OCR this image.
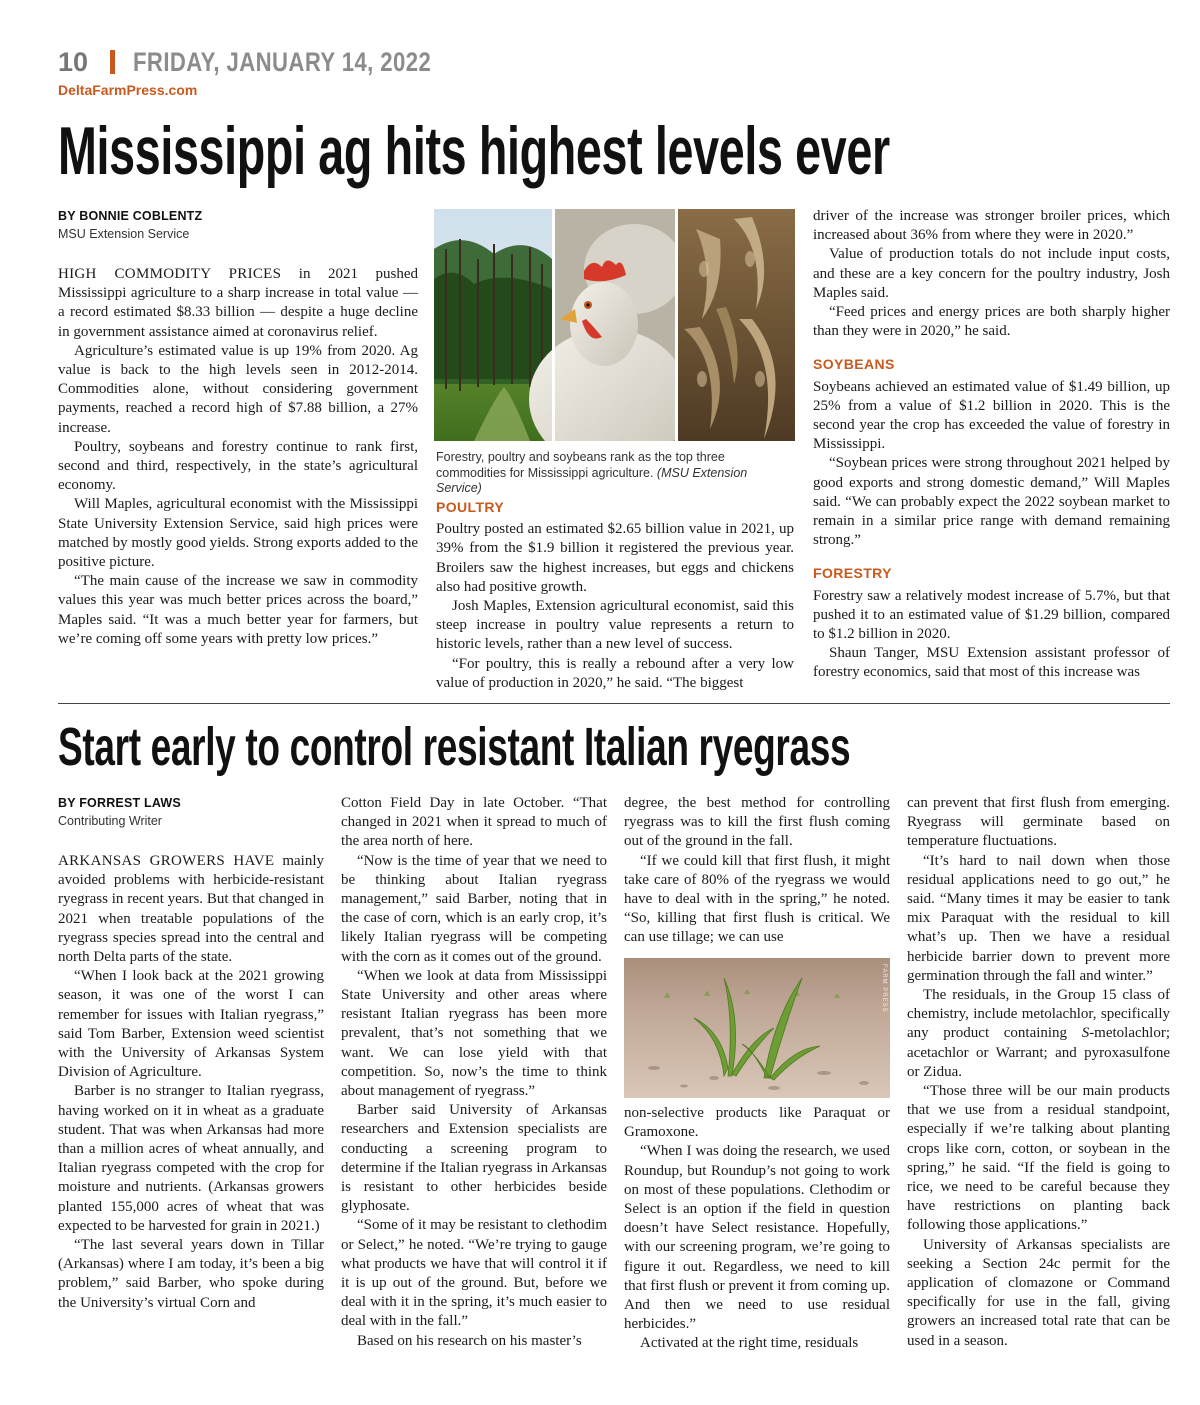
10 FRIDAY, JANUARY 14, 2022
DeltaFarmPress.com
Mississippi ag hits highest levels ever
BY BONNIE COBLENTZ
MSU Extension Service

HIGH COMMODITY PRICES in 2021 pushed Mississippi agriculture to a sharp increase in total value — a record estimated $8.33 billion — despite a huge decline in government assistance aimed at coronavirus relief.

Agriculture’s estimated value is up 19% from 2020. Ag value is back to the high levels seen in 2012-2014. Commodities alone, without considering government payments, reached a record high of $7.88 billion, a 27% increase.

Poultry, soybeans and forestry continue to rank first, second and third, respectively, in the state’s agricultural economy.

Will Maples, agricultural economist with the Mississippi State University Extension Service, said high prices were matched by mostly good yields. Strong exports added to the positive picture.

“The main cause of the increase we saw in commodity values this year was much better prices across the board,” Maples said. “It was a much better year for farmers, but we’re coming off some years with pretty low prices.”

Forestry, poultry and soybeans rank as the top three commodities for Mississippi agriculture. (MSU Extension Service)
POULTRY

Poultry posted an estimated $2.65 billion value in 2021, up 39% from the $1.9 billion it registered the previous year. Broilers saw the highest increases, but eggs and chickens also had positive growth.

Josh Maples, Extension agricultural economist, said this steep increase in poultry value represents a return to historic levels, rather than a new level of success.

“For poultry, this is really a rebound after a very low value of production in 2020,” he said. “The biggest

driver of the increase was stronger broiler prices, which increased about 36% from where they were in 2020.”

Value of production totals do not include input costs, and these are a key concern for the poultry industry, Josh Maples said.

“Feed prices and energy prices are both sharply higher than they were in 2020,” he said.

SOYBEANS

Soybeans achieved an estimated value of $1.49 billion, up 25% from a value of $1.2 billion in 2020. This is the second year the crop has exceeded the value of forestry in Mississippi.

“Soybean prices were strong throughout 2021 helped by good exports and strong domestic demand,” Will Maples said. “We can probably expect the 2022 soybean market to remain in a similar price range with demand remaining strong.”

FORESTRY

Forestry saw a relatively modest increase of 5.7%, but that pushed it to an estimated value of $1.29 billion, compared to $1.2 billion in 2020.

Shaun Tanger, MSU Extension assistant professor of forestry economics, said that most of this increase was

Start early to control resistant Italian ryegrass
BY FORREST LAWS
Contributing Writer

ARKANSAS GROWERS HAVE mainly avoided problems with herbicide-resistant ryegrass in recent years. But that changed in 2021 when treatable populations of the ryegrass species spread into the central and north Delta parts of the state.

“When I look back at the 2021 growing season, it was one of the worst I can remember for issues with Italian ryegrass,” said Tom Barber, Extension weed scientist with the University of Arkansas System Division of Agriculture.

Barber is no stranger to Italian ryegrass, having worked on it in wheat as a graduate student. That was when Arkansas had more than a million acres of wheat annually, and Italian ryegrass competed with the crop for moisture and nutrients. (Arkansas growers planted 155,000 acres of wheat that was expected to be harvested for grain in 2021.)

“The last several years down in Tillar (Arkansas) where I am today, it’s been a big problem,” said Barber, who spoke during the University’s virtual Corn and

Cotton Field Day in late October. “That changed in 2021 when it spread to much of the area north of here.

“Now is the time of year that we need to be thinking about Italian ryegrass management,” said Barber, noting that in the case of corn, which is an early crop, it’s likely Italian ryegrass will be competing with the corn as it comes out of the ground.

“When we look at data from Mississippi State University and other areas where resistant Italian ryegrass has been more prevalent, that’s not something that we want. We can lose yield with that competition. So, now’s the time to think about management of ryegrass.”

Barber said University of Arkansas researchers and Extension specialists are conducting a screening program to determine if the Italian ryegrass in Arkansas is resistant to other herbicides beside glyphosate.

“Some of it may be resistant to clethodim or Select,” he noted. “We’re trying to gauge what products we have that will control it if it is up out of the ground. But, before we deal with it in the spring, it’s much easier to deal with in the fall.”

Based on his research on his master’s

degree, the best method for controlling ryegrass was to kill the first flush coming out of the ground in the fall.

“If we could kill that first flush, it might take care of 80% of the ryegrass we would have to deal with in the spring,” he noted. “So, killing that first flush is critical. We can use tillage; we can use

FARM PRESS

non-selective products like Paraquat or Gramoxone.

“When I was doing the research, we used Roundup, but Roundup’s not going to work on most of these populations. Clethodim or Select is an option if the field in question doesn’t have Select resistance. Hopefully, with our screening program, we’re going to figure it out. Regardless, we need to kill that first flush or prevent it from coming up. And then we need to use residual herbicides.”

Activated at the right time, residuals

can prevent that first flush from emerging. Ryegrass will germinate based on temperature fluctuations.

“It’s hard to nail down when those residual applications need to go out,” he said. “Many times it may be easier to tank mix Paraquat with the residual to kill what’s up. Then we have a residual herbicide barrier down to prevent more germination through the fall and winter.”

The residuals, in the Group 15 class of chemistry, include metolachlor, specifically any product containing S-metolachlor; acetachlor or Warrant; and pyroxasulfone or Zidua.

“Those three will be our main products that we use from a residual standpoint, especially if we’re talking about planting crops like corn, cotton, or soybean in the spring,” he said. “If the field is going to rice, we need to be careful because they have restrictions on planting back following those applications.”

University of Arkansas specialists are seeking a Section 24c permit for the application of clomazone or Command specifically for use in the fall, giving growers an increased total rate that can be used in a season.
